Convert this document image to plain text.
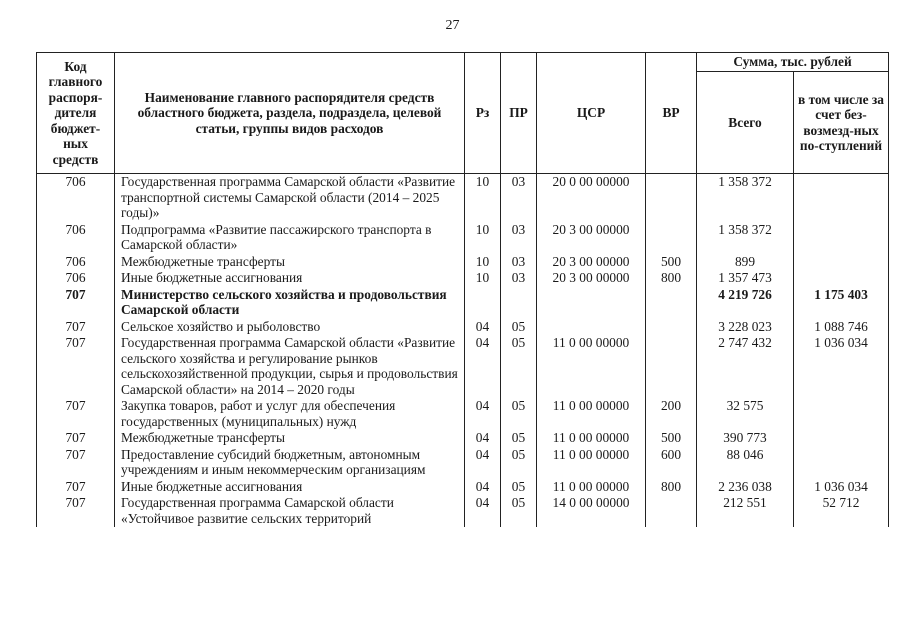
27
Код главного распоря-дителя бюджет-ных средств	Наименование главного распорядителя средств областного бюджета, раздела, подраздела, целевой статьи, группы видов расходов	Рз	ПР	ЦСР	ВР	Сумма, тыс. рублей	
						Всего	в том числе за счет без-возмезд-ных по-ступлений
706	Государственная программа Самарской области «Развитие транспортной системы Самарской области (2014 – 2025 годы)»	10	03	20 0 00 00000		1 358 372	
706	Подпрограмма «Развитие пассажирского транспорта в Самарской области»	10	03	20 3 00 00000		1 358 372	
706	Межбюджетные трансферты	10	03	20 3 00 00000	500	899	
706	Иные бюджетные ассигнования	10	03	20 3 00 00000	800	1 357 473	
707	Министерство сельского хозяйства и продовольствия Самарской области					4 219 726	1 175 403
707	Сельское хозяйство и рыболовство	04	05			3 228 023	1 088 746
707	Государственная программа Самарской области «Развитие сельского хозяйства и регулирование рынков сельскохозяйственной продукции, сырья и продовольствия Самарской области» на 2014 – 2020 годы	04	05	11 0 00 00000		2 747 432	1 036 034
707	Закупка товаров, работ и услуг для обеспечения государственных (муниципальных) нужд	04	05	11 0 00 00000	200	32 575	
707	Межбюджетные трансферты	04	05	11 0 00 00000	500	390 773	
707	Предоставление субсидий бюджетным, автономным учреждениям и иным некоммерческим организациям	04	05	11 0 00 00000	600	88 046	
707	Иные бюджетные ассигнования	04	05	11 0 00 00000	800	2 236 038	1 036 034
707	Государственная программа Самарской области «Устойчивое развитие сельских территорий	04	05	14 0 00 00000		212 551	52 712
